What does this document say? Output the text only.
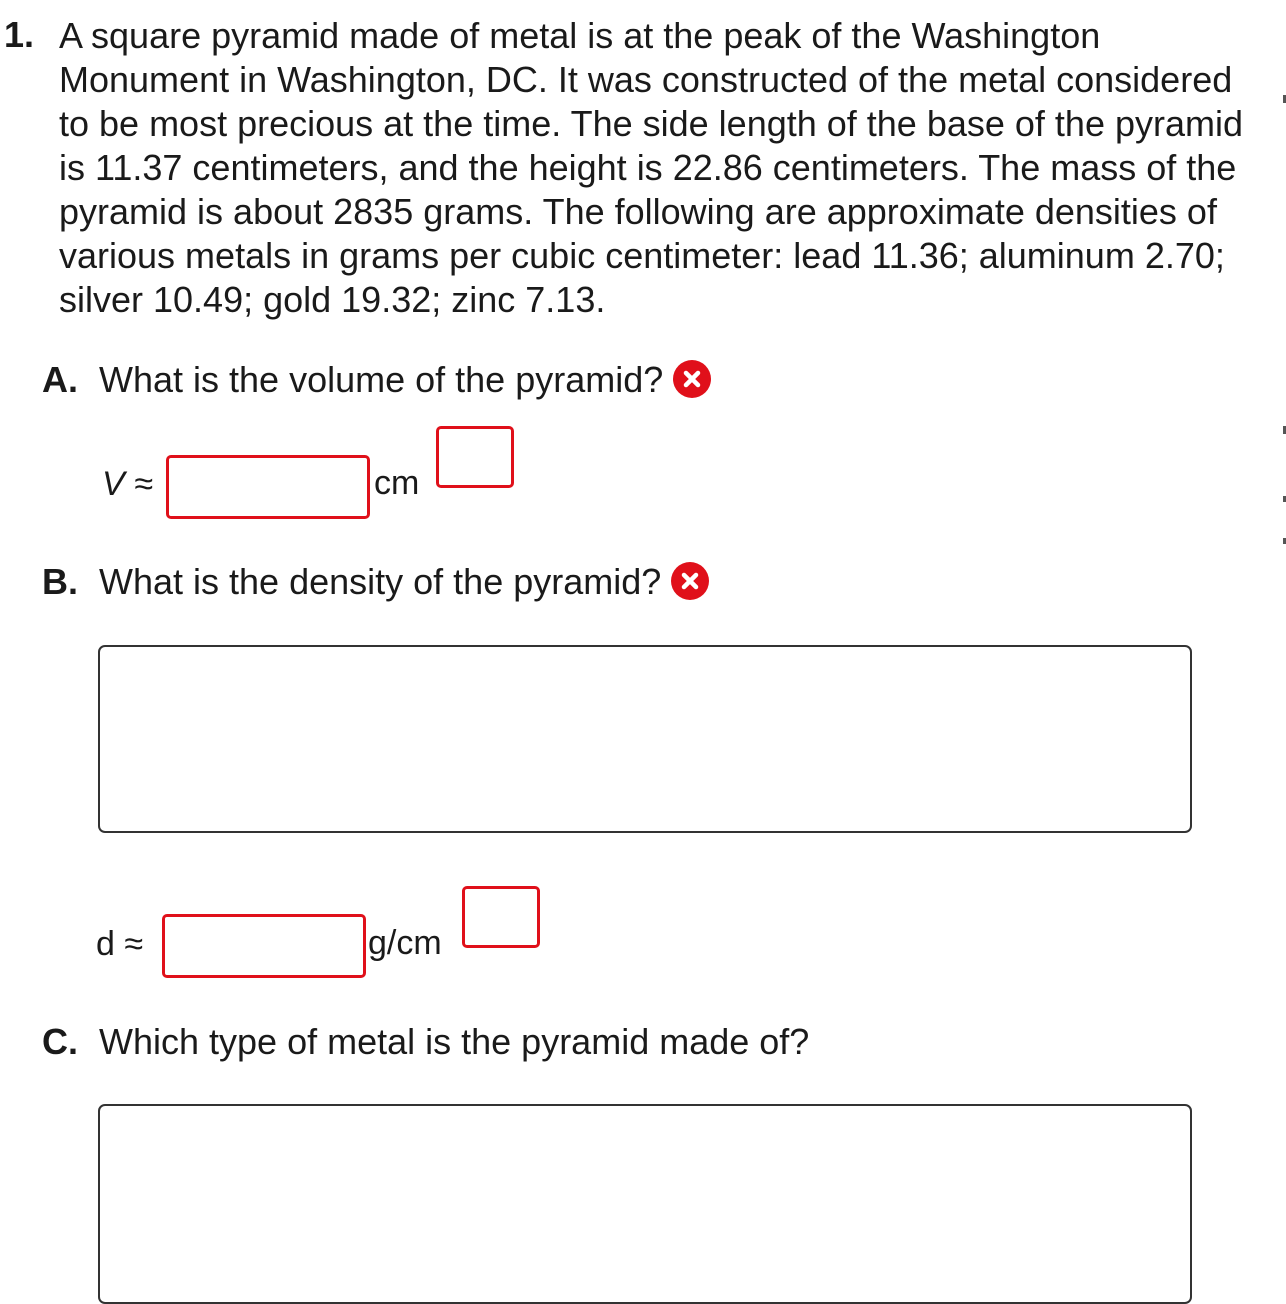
1. A square pyramid made of metal is at the peak of the Washington Monument in Washington, DC. It was constructed of the metal considered to be most precious at the time. The side length of the base of the pyramid is 11.37 centimeters, and the height is 22.86 centimeters. The mass of the pyramid is about 2835 grams. The following are approximate densities of various metals in grams per cubic centimeter: lead 11.36; aluminum 2.70; silver 10.49; gold 19.32; zinc 7.13.
A. What is the volume of the pyramid?
V ≈	cm
B. What is the density of the pyramid?
d ≈	g/cm
C. Which type of metal is the pyramid made of?
